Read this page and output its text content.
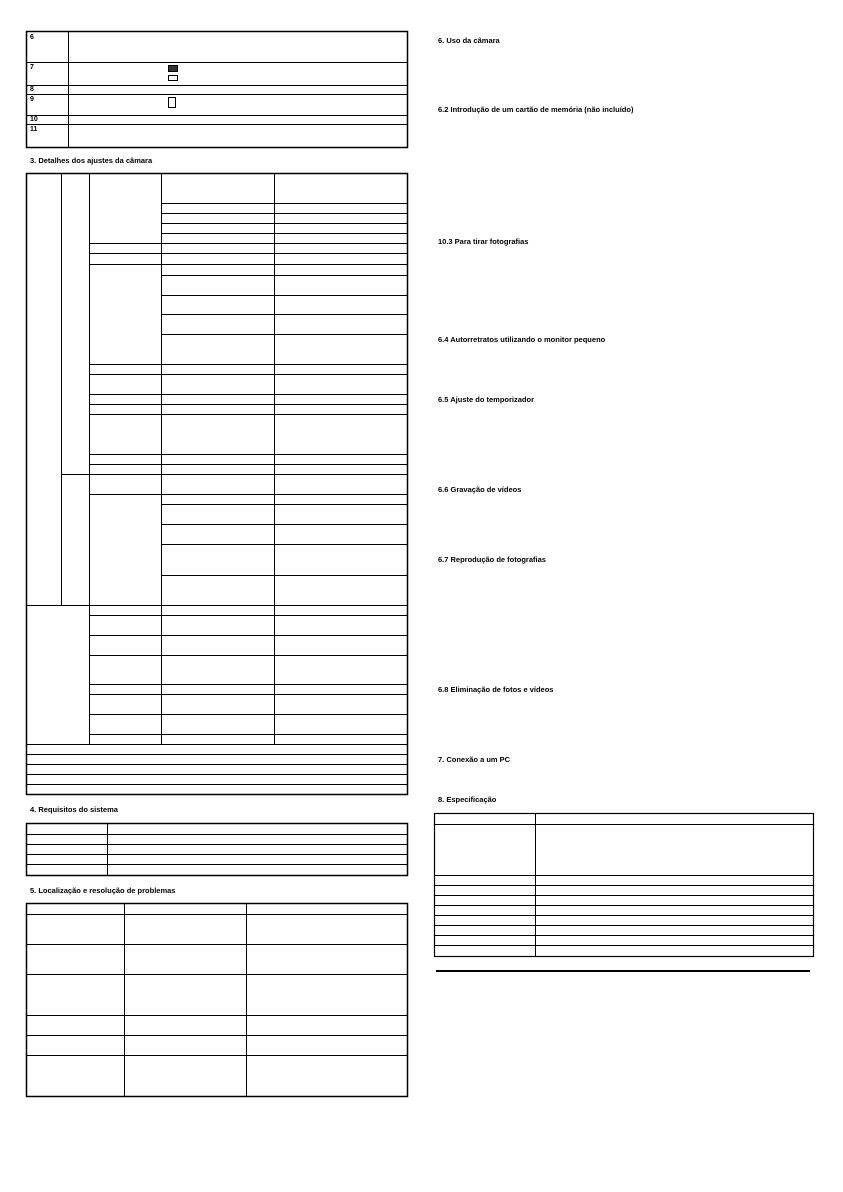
6
7
8
9
10
11
3. Detalhes dos ajustes da câmara
4. Requisitos do sistema
5. Localização e resolução de problemas
6. Uso da câmara
6.2 Introdução de um cartão de memória (não incluído)
10.3 Para tirar fotografias
6.4 Autorretratos utilizando o monitor pequeno
6.5 Ajuste do temporizador
6.6 Gravação de vídeos
6.7 Reprodução de fotografias
6.8 Eliminação de fotos e vídeos
7. Conexão a um PC
8. Especificação
